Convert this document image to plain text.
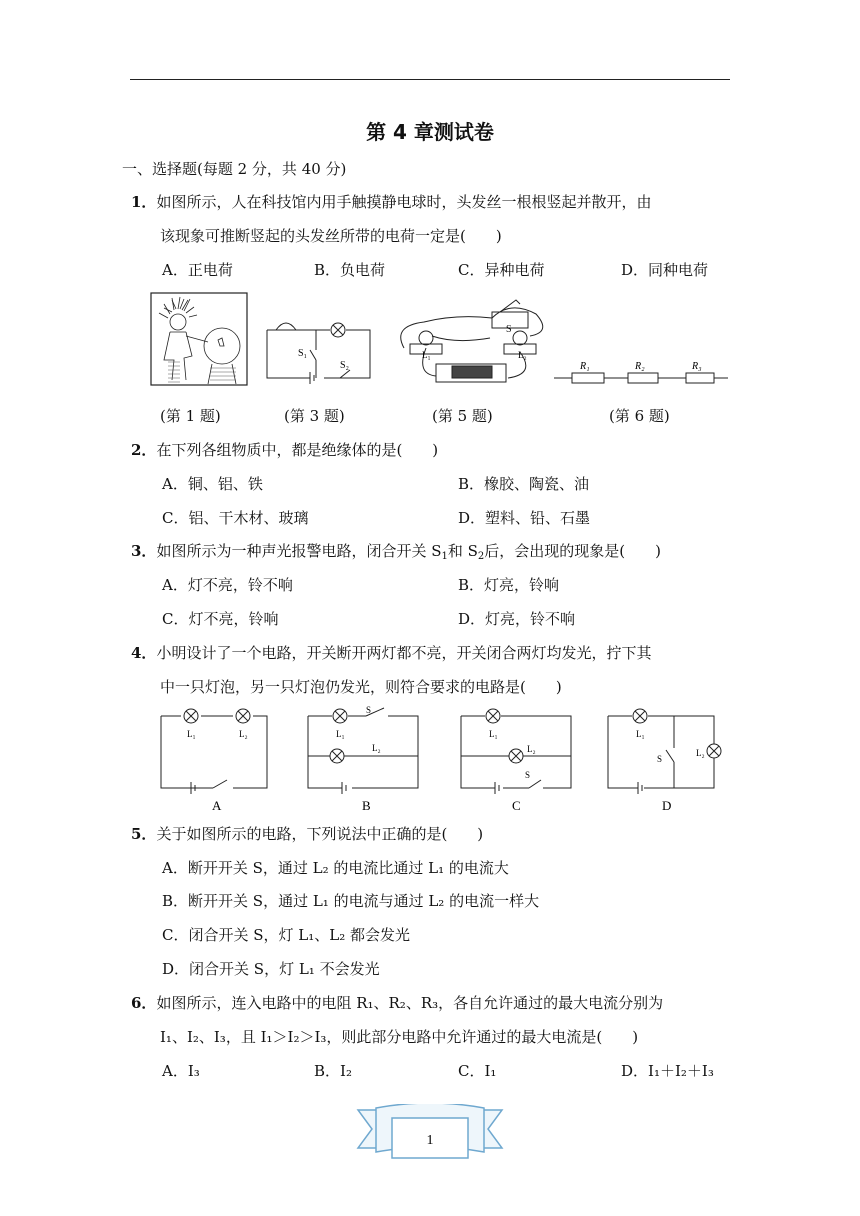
第 4 章测试卷
一、选择题(每题 2 分，共 40 分)
1．如图所示，人在科技馆内用手触摸静电球时，头发丝一根根竖起并散开，由
该现象可推断竖起的头发丝所带的电荷一定是(　　)
A．正电荷	B．负电荷	C．异种电荷	D．同种电荷
S₁
S₂
S
L₁	L₂
R₁	R₂	R₃
(第 1 题)	(第 3 题)	(第 5 题)	(第 6 题)
2．在下列各组物质中，都是绝缘体的是(　　)
A．铜、铝、铁	B．橡胶、陶瓷、油
C．铝、干木材、玻璃	D．塑料、铅、石墨
3．如图所示为一种声光报警电路，闭合开关 $S_1$和 $S_2$后，会出现的现象是(　　)
A．灯不亮，铃不响	B．灯亮，铃响
C．灯不亮，铃响	D．灯亮，铃不响
4．小明设计了一个电路，开关断开两灯都不亮，开关闭合两灯均发光，拧下其
中一只灯泡，另一只灯泡仍发光，则符合要求的电路是(　　)
L₁	L₂
A
S
L₁
L₂
B
L₁
L₂
S
C
L₁
L₂
S
D
5．关于如图所示的电路，下列说法中正确的是(　　)
A．断开开关 S，通过 L₂ 的电流比通过 L₁ 的电流大
B．断开开关 S，通过 L₁ 的电流与通过 L₂ 的电流一样大
C．闭合开关 S，灯 L₁、L₂ 都会发光
D．闭合开关 S，灯 L₁ 不会发光
6．如图所示，连入电路中的电阻 R₁、R₂、R₃，各自允许通过的最大电流分别为
I₁、I₂、I₃，且 I₁＞I₂＞I₃，则此部分电路中允许通过的最大电流是(　　)
A．I₃	B．I₂	C．I₁	D．I₁＋I₂＋I₃
1
